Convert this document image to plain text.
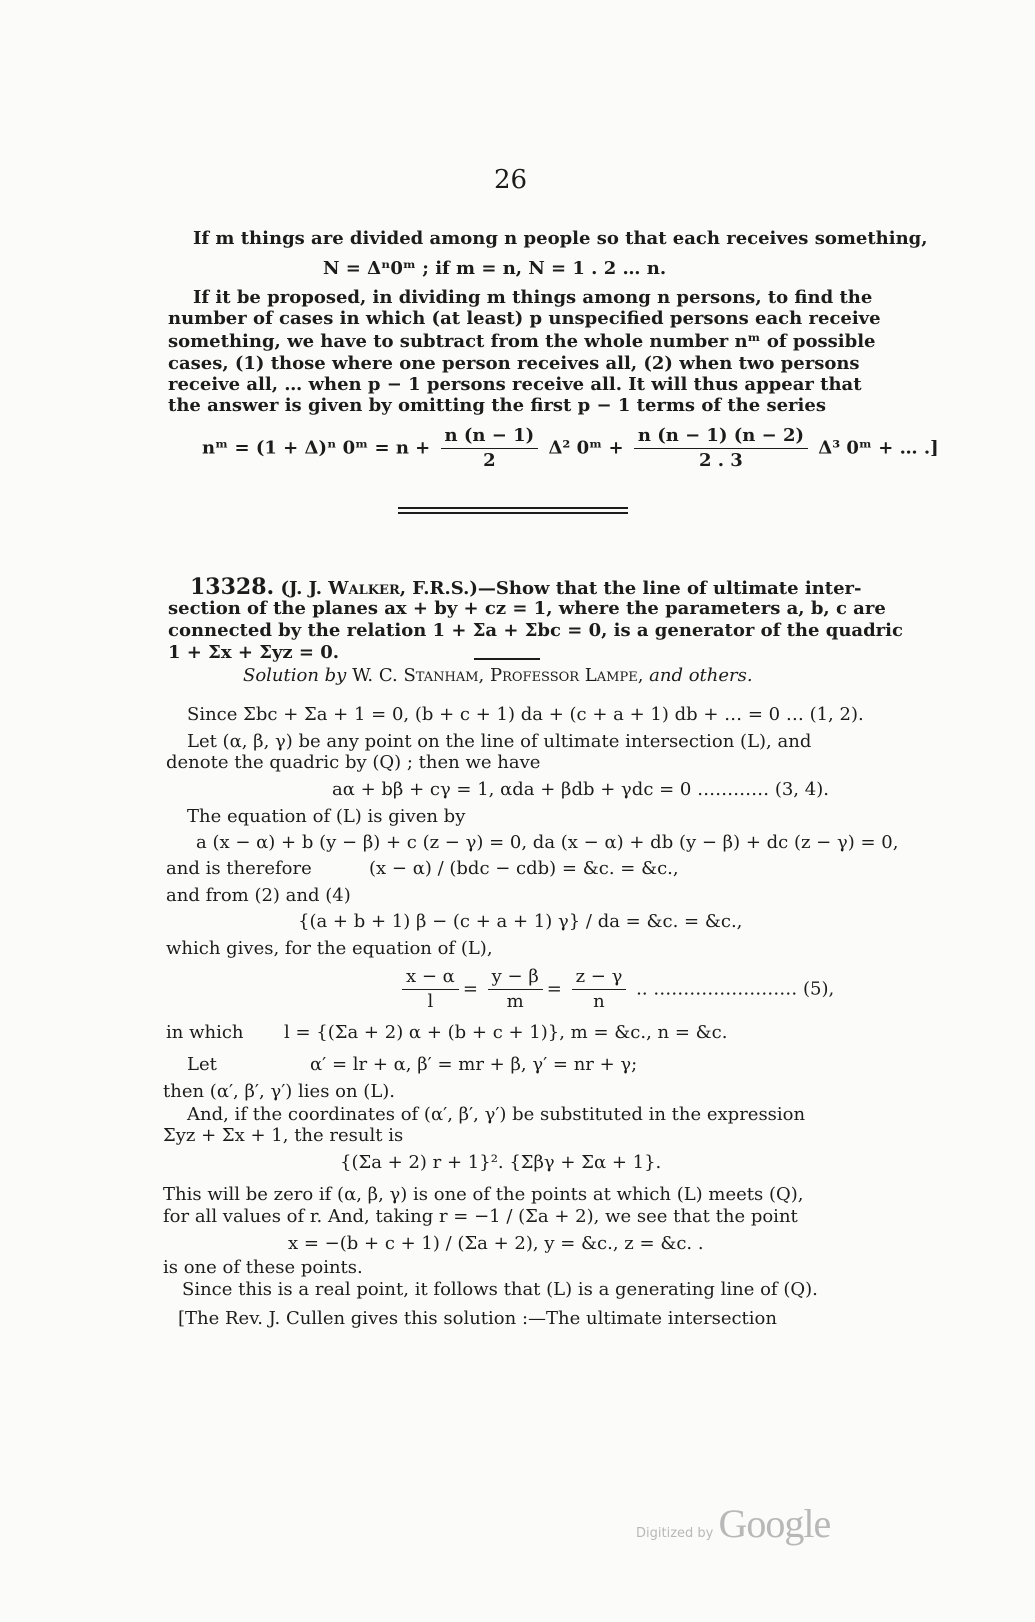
26
If m things are divided among n people so that each receives something,
N = Δⁿ0ᵐ ; if m = n, N = 1 . 2 … n.
If it be proposed, in dividing m things among n persons, to find the
number of cases in which (at least) p unspecified persons each receive
something, we have to subtract from the whole number nᵐ of possible
cases, (1) those where one person receives all, (2) when two persons
receive all, … when p − 1 persons receive all. It will thus appear that
the answer is given by omitting the first p − 1 terms of the series
nᵐ = (1 + Δ)ⁿ 0ᵐ = $n + \frac{n (n - 1)}{2} \Delta^2$ 0ᵐ + $\frac{n (n - 1) (n - 2)}{2 . 3} \Delta^3$ 0ᵐ + … .]
13328. (J. J. Walker, F.R.S.)—Show that the line of ultimate inter-
section of the planes ax + by + cz = 1, where the parameters a, b, c are
connected by the relation 1 + Σa + Σbc = 0, is a generator of the quadric
1 + Σx + Σyz = 0.
Solution by W. C. Stanham, Professor Lampe, and others.
Since Σbc + Σa + 1 = 0, (b + c + 1) da + (c + a + 1) db + … = 0 … (1, 2).
Let (α, β, γ) be any point on the line of ultimate intersection (L), and
denote the quadric by (Q) ; then we have
aα + bβ + cγ = 1, αda + βdb + γdc = 0 ………… (3, 4).
The equation of (L) is given by
a (x − α) + b (y − β) + c (z − γ) = 0, da (x − α) + db (y − β) + dc (z − γ) = 0,
and is therefore	(x − α) / (bdc − cdb) = &c. = &c.,
and from (2) and (4)
{(a + b + 1) β − (c + a + 1) γ} / da = &c. = &c.,
which gives, for the equation of (L),
$\frac{x - \alpha}{l} = \frac{y - \beta}{m} = \frac{z - \gamma}{n}$ .. …………………… (5),
in which l = {(Σa + 2) α + (b + c + 1)}, m = &c., n = &c.
Let	α′ = lr + α, β′ = mr + β, γ′ = nr + γ;
then (α′, β′, γ′) lies on (L).
And, if the coordinates of (α′, β′, γ′) be substituted in the expression
Σyz + Σx + 1, the result is
{(Σa + 2) r + 1}². {Σβγ + Σα + 1}.
This will be zero if (α, β, γ) is one of the points at which (L) meets (Q),
for all values of r. And, taking r = −1 / (Σa + 2), we see that the point
x = −(b + c + 1) / (Σa + 2), y = &c., z = &c. .
is one of these points.
Since this is a real point, it follows that (L) is a generating line of (Q).
[The Rev. J. Cullen gives this solution :—The ultimate intersection
Digitized by Google
